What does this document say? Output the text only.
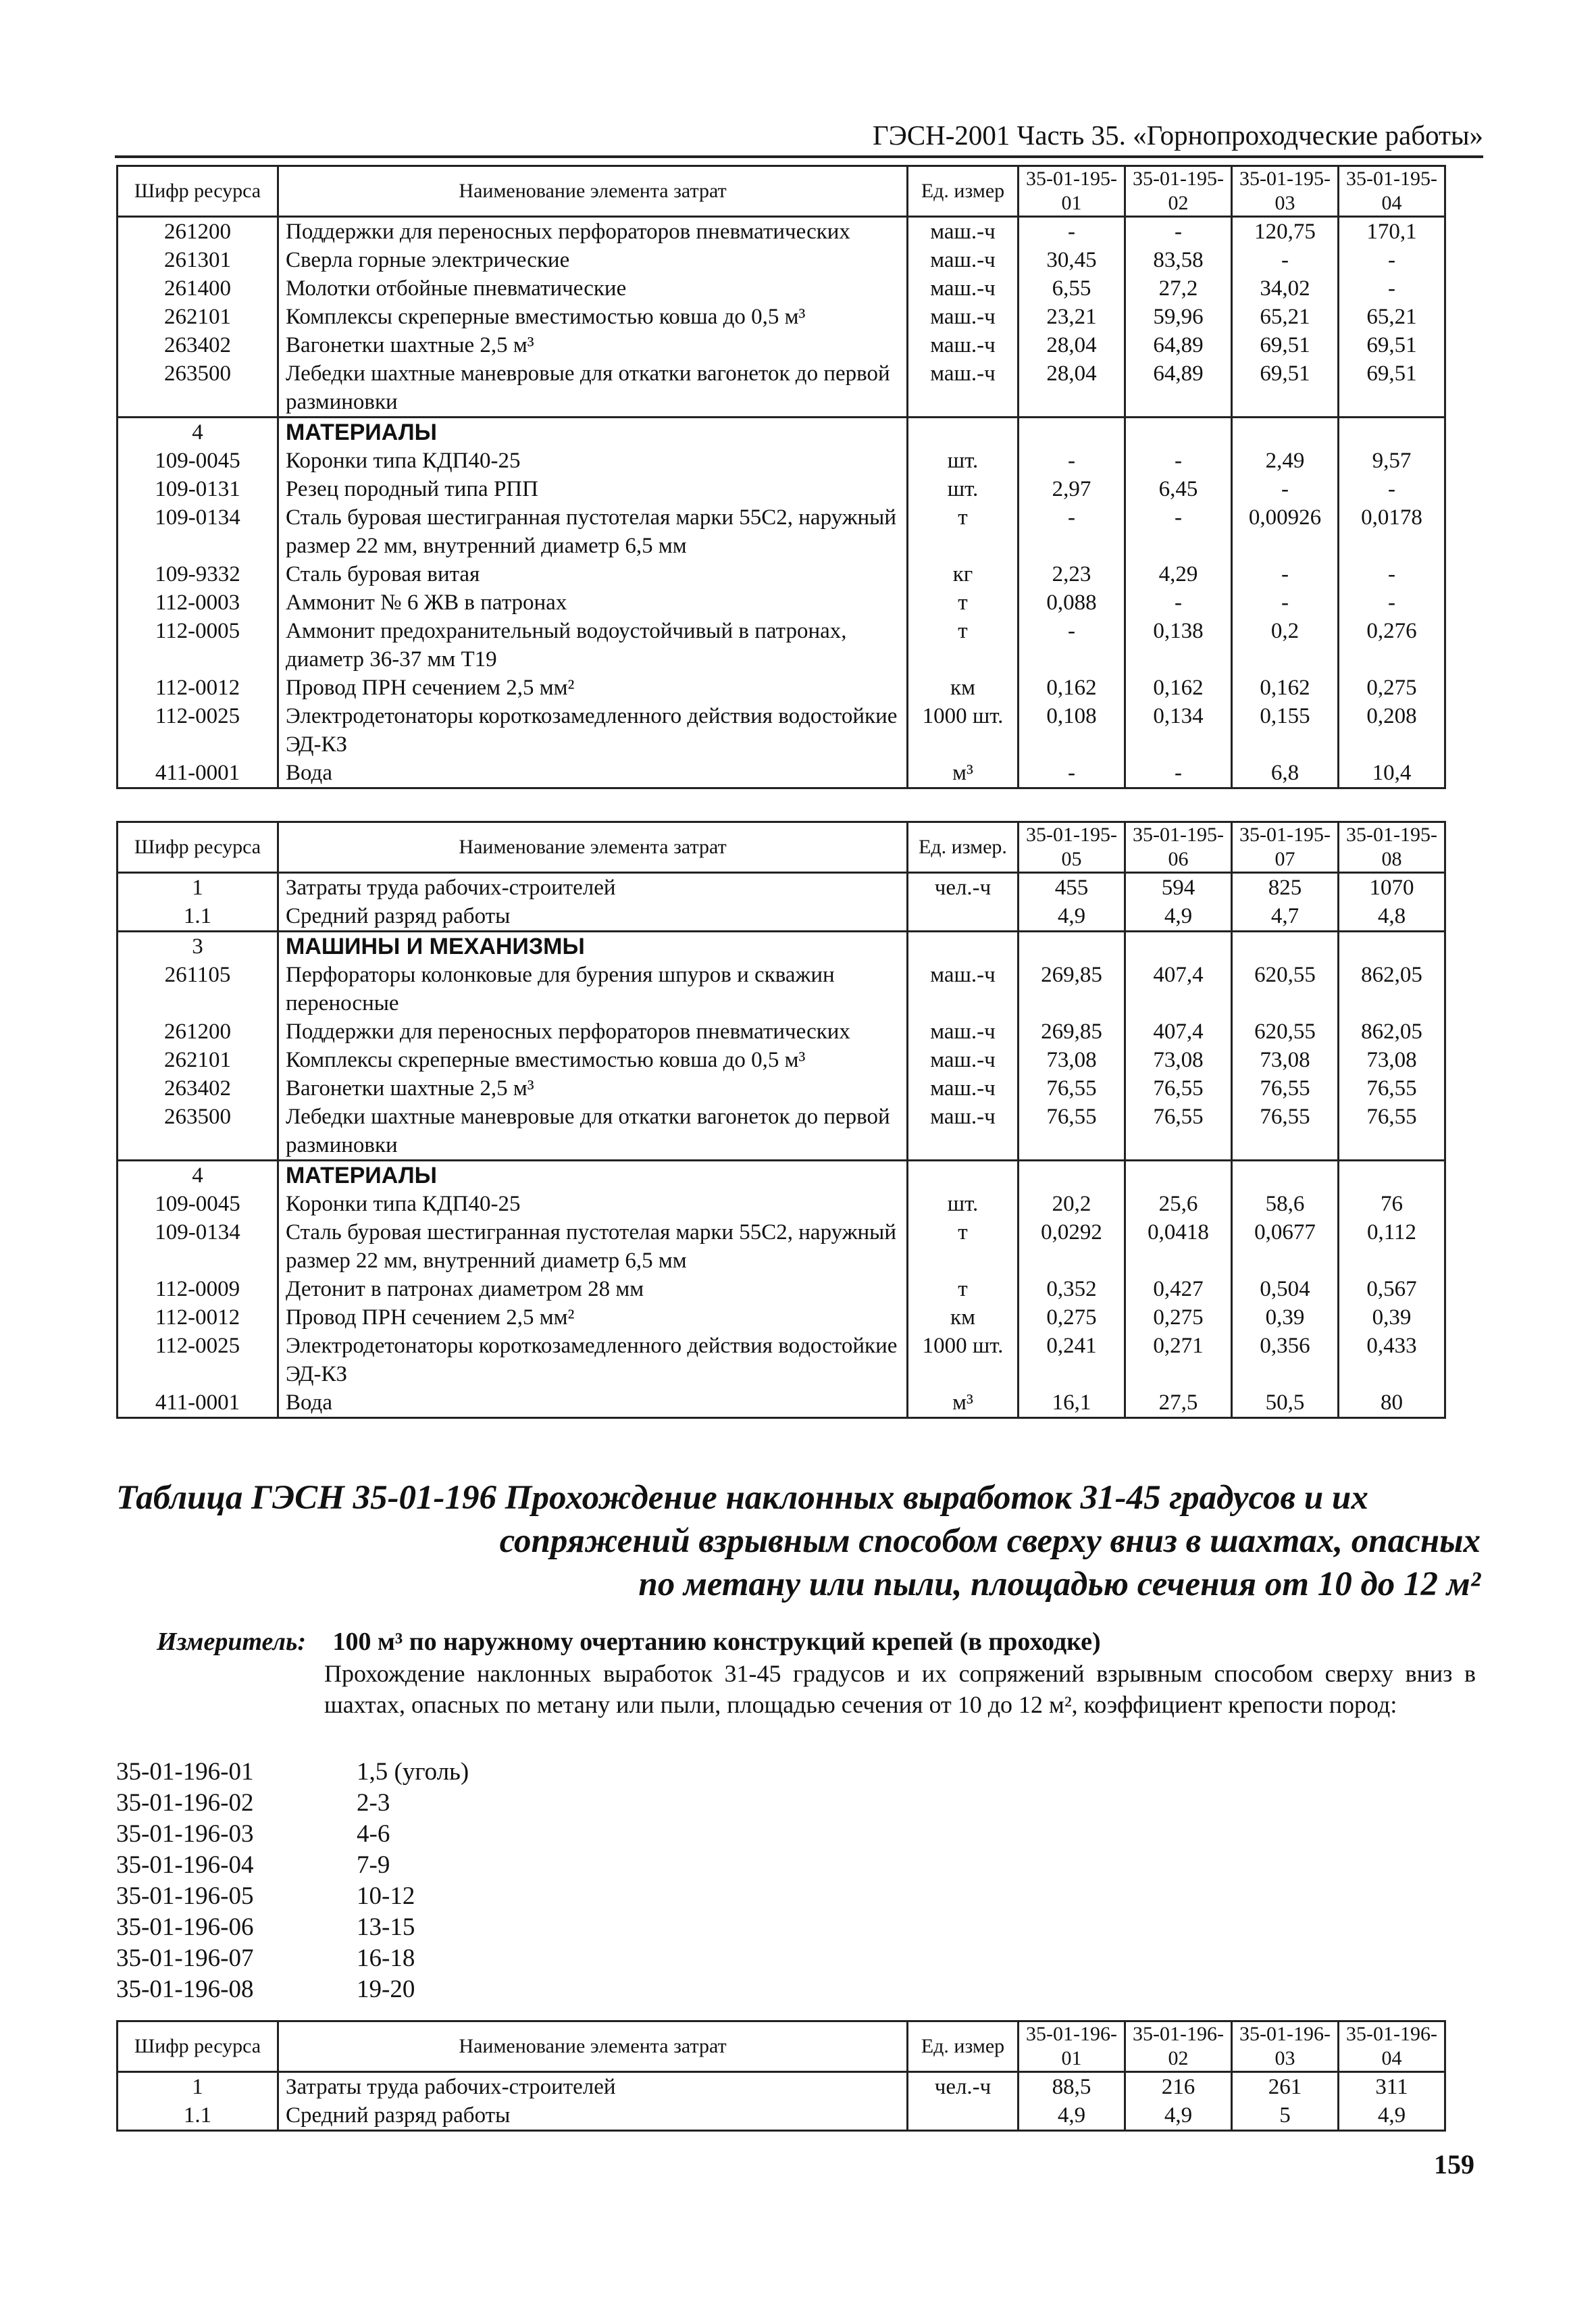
ГЭСН-2001 Часть 35. «Горнопроходческие работы»
Шифр ресурса	Наименование элемента затрат	Ед. измер	35-01-195-01	35-01-195-02	35-01-195-03	35-01-195-04
261200	Поддержки для переносных перфораторов пневматических	маш.-ч	-	-	120,75	170,1
261301	Сверла горные электрические	маш.-ч	30,45	83,58	-	-
261400	Молотки отбойные пневматические	маш.-ч	6,55	27,2	34,02	-
262101	Комплексы скреперные вместимостью ковша до 0,5 м³	маш.-ч	23,21	59,96	65,21	65,21
263402	Вагонетки шахтные 2,5 м³	маш.-ч	28,04	64,89	69,51	69,51
263500	Лебедки шахтные маневровые для откатки вагонеток до первой разминовки	маш.-ч	28,04	64,89	69,51	69,51
4	МАТЕРИАЛЫ					
109-0045	Коронки типа КДП40-25	шт.	-	-	2,49	9,57
109-0131	Резец породный типа РПП	шт.	2,97	6,45	-	-
109-0134	Сталь буровая шестигранная пустотелая марки 55С2, наружный размер 22 мм, внутренний диаметр 6,5 мм	т	-	-	0,00926	0,0178
109-9332	Сталь буровая витая	кг	2,23	4,29	-	-
112-0003	Аммонит № 6 ЖВ в патронах	т	0,088	-	-	-
112-0005	Аммонит предохранительный водоустойчивый в патронах, диаметр 36-37 мм Т19	т	-	0,138	0,2	0,276
112-0012	Провод ПРН сечением 2,5 мм²	км	0,162	0,162	0,162	0,275
112-0025	Электродетонаторы короткозамедленного действия водостойкие ЭД-КЗ	1000 шт.	0,108	0,134	0,155	0,208
411-0001	Вода	м³	-	-	6,8	10,4
Шифр ресурса	Наименование элемента затрат	Ед. измер.	35-01-195-05	35-01-195-06	35-01-195-07	35-01-195-08
1	Затраты труда рабочих-строителей	чел.-ч	455	594	825	1070
1.1	Средний разряд работы		4,9	4,9	4,7	4,8
3	МАШИНЫ И МЕХАНИЗМЫ					
261105	Перфораторы колонковые для бурения шпуров и скважин переносные	маш.-ч	269,85	407,4	620,55	862,05
261200	Поддержки для переносных перфораторов пневматических	маш.-ч	269,85	407,4	620,55	862,05
262101	Комплексы скреперные вместимостью ковша до 0,5 м³	маш.-ч	73,08	73,08	73,08	73,08
263402	Вагонетки шахтные 2,5 м³	маш.-ч	76,55	76,55	76,55	76,55
263500	Лебедки шахтные маневровые для откатки вагонеток до первой разминовки	маш.-ч	76,55	76,55	76,55	76,55
4	МАТЕРИАЛЫ					
109-0045	Коронки типа КДП40-25	шт.	20,2	25,6	58,6	76
109-0134	Сталь буровая шестигранная пустотелая марки 55С2, наружный размер 22 мм, внутренний диаметр 6,5 мм	т	0,0292	0,0418	0,0677	0,112
112-0009	Детонит в патронах диаметром 28 мм	т	0,352	0,427	0,504	0,567
112-0012	Провод ПРН сечением 2,5 мм²	км	0,275	0,275	0,39	0,39
112-0025	Электродетонаторы короткозамедленного действия водостойкие ЭД-КЗ	1000 шт.	0,241	0,271	0,356	0,433
411-0001	Вода	м³	16,1	27,5	50,5	80
Таблица ГЭСН 35-01-196 Прохождение наклонных выработок 31-45 градусов и их
сопряжений взрывным способом сверху вниз в шахтах, опасных
по метану или пыли, площадью сечения от 10 до 12 м²
Измеритель: 100 м³ по наружному очертанию конструкций крепей (в проходке)
Прохождение наклонных выработок 31-45 градусов и их сопряжений взрывным способом сверху вниз в шахтах, опасных по метану или пыли, площадью сечения от 10 до 12 м², коэффициент крепости пород:
35-01-196-01	1,5 (уголь)
35-01-196-02	2-3
35-01-196-03	4-6
35-01-196-04	7-9
35-01-196-05	10-12
35-01-196-06	13-15
35-01-196-07	16-18
35-01-196-08	19-20
Шифр ресурса	Наименование элемента затрат	Ед. измер	35-01-196-01	35-01-196-02	35-01-196-03	35-01-196-04
1	Затраты труда рабочих-строителей	чел.-ч	88,5	216	261	311
1.1	Средний разряд работы		4,9	4,9	5	4,9
159
